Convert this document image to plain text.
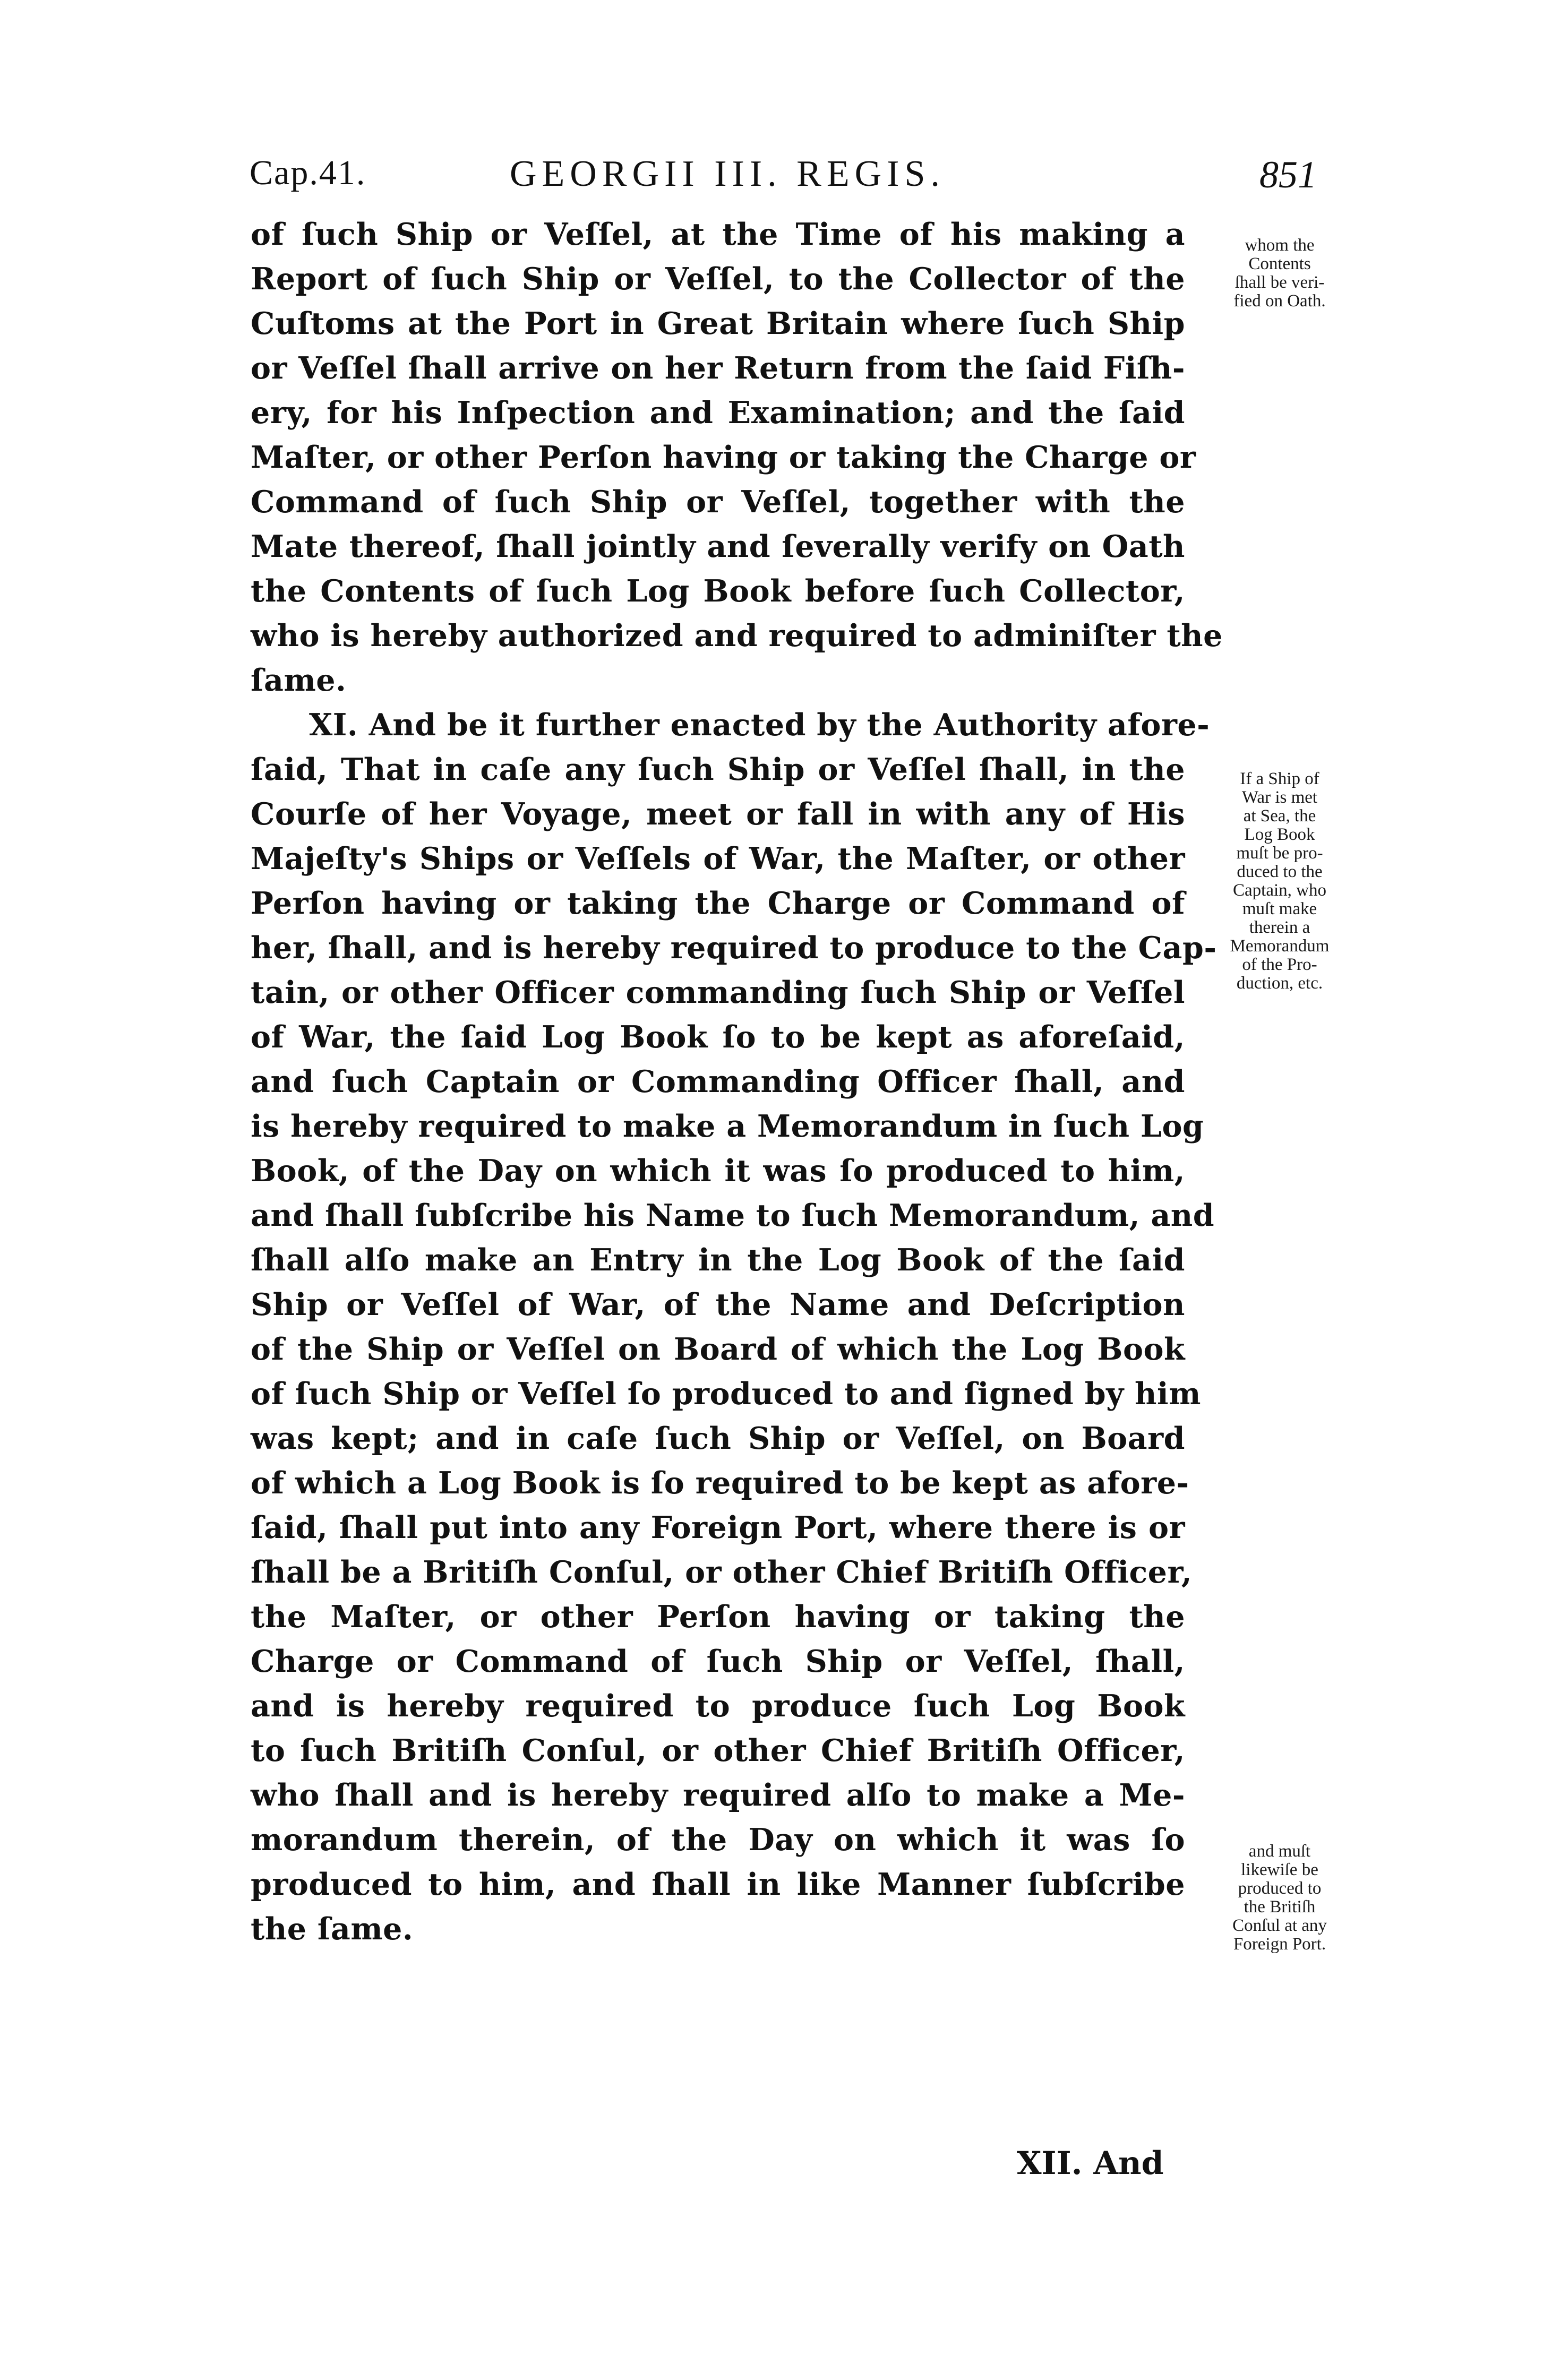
Cap.41.	GEORGII III. REGIS.	851
of ſuch Ship or Veſſel, at the Time of his making a
Report of ſuch Ship or Veſſel, to the Collector of the
Cuſtoms at the Port in Great Britain where ſuch Ship
or Veſſel ſhall arrive on her Return from the ſaid Fiſh-
ery, for his Inſpection and Examination; and the ſaid
Maſter, or other Perſon having or taking the Charge or
Command of ſuch Ship or Veſſel, together with the
Mate thereof, ſhall jointly and ſeverally verify on Oath
the Contents of ſuch Log Book before ſuch Collector,
who is hereby authorized and required to adminiſter the
ſame.
XI. And be it further enacted by the Authority afore-
ſaid, That in caſe any ſuch Ship or Veſſel ſhall, in the
Courſe of her Voyage, meet or fall in with any of His
Majeſty's Ships or Veſſels of War, the Maſter, or other
Perſon having or taking the Charge or Command of
her, ſhall, and is hereby required to produce to the Cap-
tain, or other Officer commanding ſuch Ship or Veſſel
of War, the ſaid Log Book ſo to be kept as aforeſaid,
and ſuch Captain or Commanding Officer ſhall, and
is hereby required to make a Memorandum in ſuch Log
Book, of the Day on which it was ſo produced to him,
and ſhall ſubſcribe his Name to ſuch Memorandum, and
ſhall alſo make an Entry in the Log Book of the ſaid
Ship or Veſſel of War, of the Name and Deſcription
of the Ship or Veſſel on Board of which the Log Book
of ſuch Ship or Veſſel ſo produced to and ſigned by him
was kept; and in caſe ſuch Ship or Veſſel, on Board
of which a Log Book is ſo required to be kept as afore-
ſaid, ſhall put into any Foreign Port, where there is or
ſhall be a Britiſh Conſul, or other Chief Britiſh Officer,
the Maſter, or other Perſon having or taking the
Charge or Command of ſuch Ship or Veſſel, ſhall,
and is hereby required to produce ſuch Log Book
to ſuch Britiſh Conſul, or other Chief Britiſh Officer,
who ſhall and is hereby required alſo to make a Me-
morandum therein, of the Day on which it was ſo
produced to him, and ſhall in like Manner ſubſcribe
the ſame.
whom the
Contents
ſhall be veri-
fied on Oath.
If a Ship of
War is met
at Sea, the
Log Book
muſt be pro-
duced to the
Captain, who
muſt make
therein a
Memorandum
of the Pro-
duction, etc.
and muſt
likewiſe be
produced to
the Britiſh
Conſul at any
Foreign Port.
XII. And
